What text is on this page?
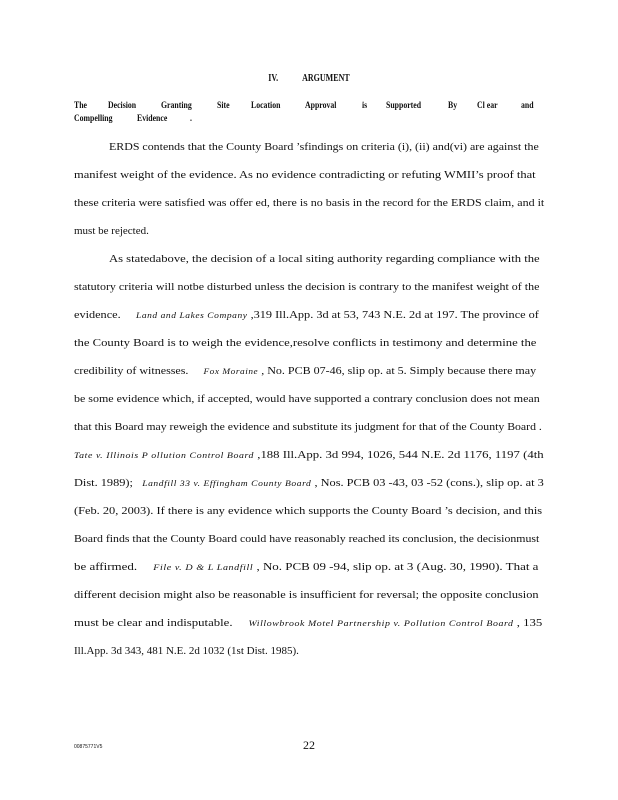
IV. ARGUMENT
The Decision	Granting	Site Location	Approval	is Supported	By Cl ear and
Compelling	Evidence .
ERDS contends that the County Board ’sfindings on criteria (i), (ii) and(vi) are against the
manifest weight of the evidence. As no evidence contradicting or refuting WMII’s proof that
these criteria were satisfied was offer ed, there is no basis in the record for the ERDS claim, and it
must be rejected.
As statedabove, the decision of a local siting authority regarding compliance with the
statutory criteria will notbe disturbed unless the decision is contrary to the manifest weight of the
evidence. Land and Lakes Company ,319 Ill.App. 3d at 53, 743 N.E. 2d at 197. The province of
the County Board is to weigh the evidence,resolve conflicts in testimony and determine the
credibility of witnesses. Fox Moraine , No. PCB 07-46, slip op. at 5. Simply because there may
be some evidence which, if accepted, would have supported a contrary conclusion does not mean
that this Board may reweigh the evidence and substitute its judgment for that of the County Board .
Tate v. Illinois P ollution Control Board ,188 Ill.App. 3d 994, 1026, 544 N.E. 2d 1176, 1197 (4th
Dist. 1989); Landfill 33 v. Effingham County Board , Nos. PCB 03 -43, 03 -52 (cons.), slip op. at 3
(Feb. 20, 2003). If there is any evidence which supports the County Board ’s decision, and this
Board finds that the County Board could have reasonably reached its conclusion, the decisionmust
be affirmed. File v. D & L Landfill , No. PCB 09 -94, slip op. at 3 (Aug. 30, 1990). That a
different decision might also be reasonable is insufficient for reversal; the opposite conclusion
must be clear and indisputable. Willowbrook Motel Partnership v. Pollution Control Board , 135
Ill.App. 3d 343, 481 N.E. 2d 1032 (1st Dist. 1985).
00875771V5	22
